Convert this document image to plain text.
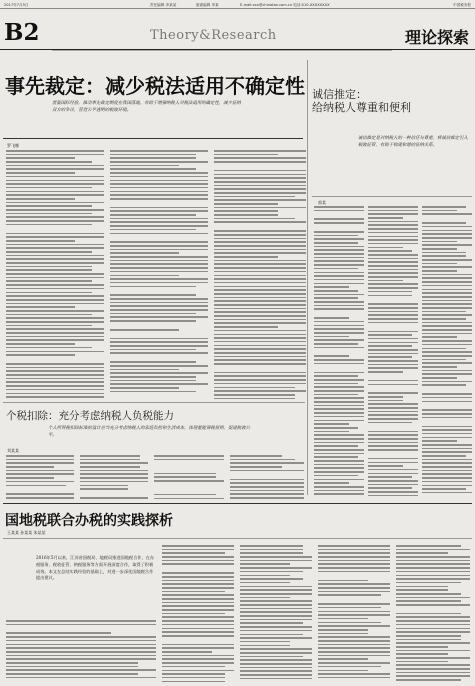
2017年7月5日	责任编辑 李某某	版面编辑 李某	E-mail:xxx@chinatax.com.cn 电话:010-XXXXXXXX	中国税务报
B2	Theory&Research	理论探索
事先裁定：减少税法适用不确定性
借鉴国际经验，推动事先裁定制度在我国落地，有助于增强纳税人对税法适用的确定性，减少征纳双方的争议，营造公平透明的税收环境。
罗飞娜
诚信推定：
给纳税人尊重和便利
诚信推定是对纳税人的一种信任与尊重，将诚信推定引入税收征管，有助于构建和谐的征纳关系。
郭某
个税扣除：充分考虑纳税人负税能力
个人所得税扣除标准的设计应当充分考虑纳税人的家庭负担和生活成本，体现量能课税原则，促进税收公平。
刘某某
国地税联合办税的实践探析
王某某 孙某某 朱某某
2016年5月以来，江苏省国税局、地税局推进国地税合作，在办税服务、税收征管、纳税服务等方面开展深度合作，取得了积极成效。本文在总结实践经验的基础上，对进一步深化国地税合作提出建议。
